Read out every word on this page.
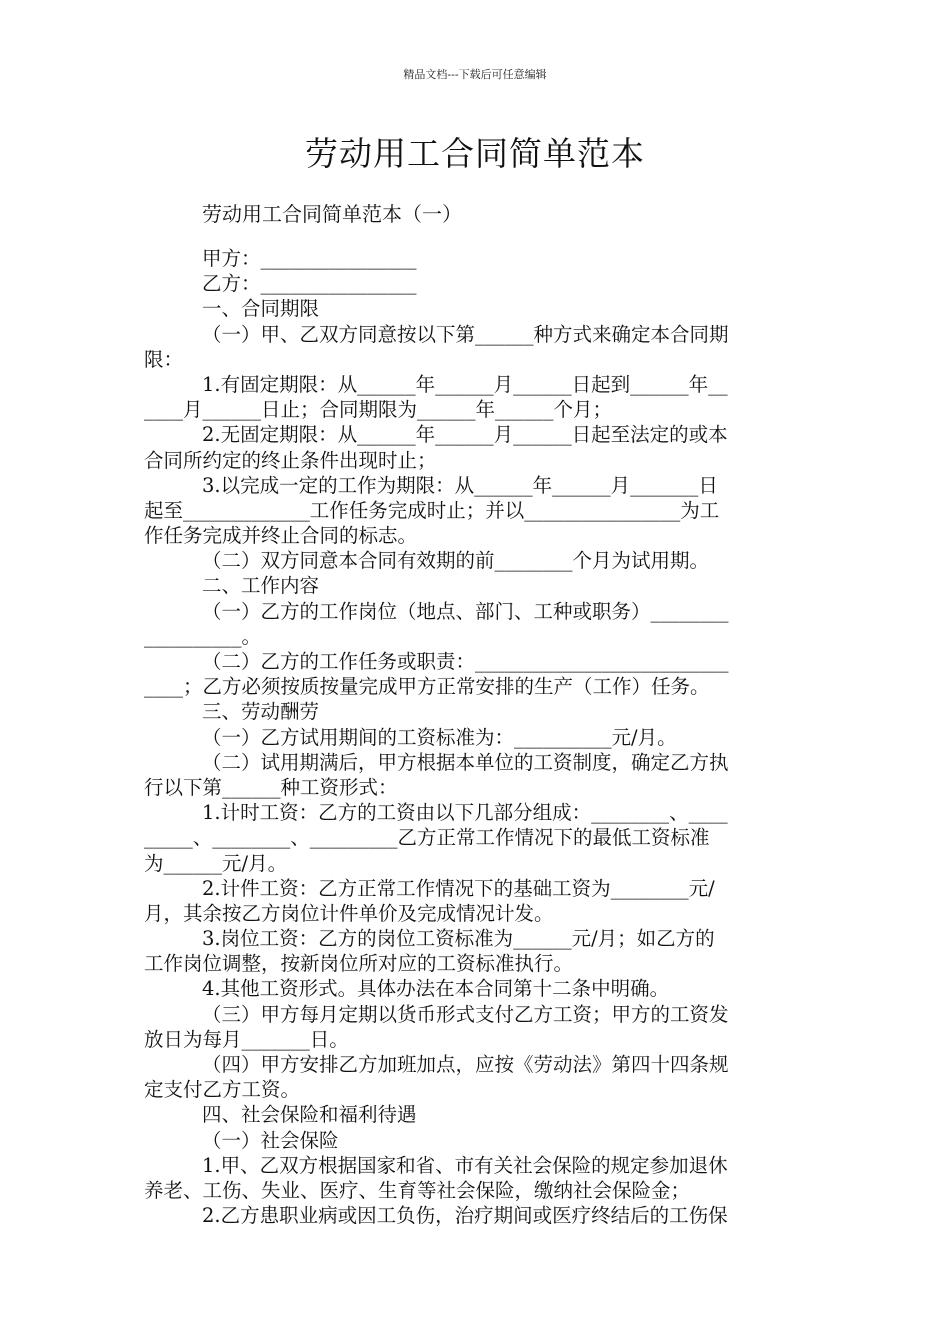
精品文档---下载后可任意编辑
劳动用工合同简单范本
劳动用工合同简单范本（一）
甲方：________________
乙方：________________
一、合同期限
（一）甲、乙双方同意按以下第______种方式来确定本合同期
限：
1.有固定期限：从______年______月______日起到______年__
____月______日止；合同期限为______年______个月；
2.无固定期限：从______年______月______日起至法定的或本
合同所约定的终止条件出现时止；
3.以完成一定的工作为期限：从______年______月_______日
起至_____________工作任务完成时止；并以________________为工
作任务完成并终止合同的标志。
（二）双方同意本合同有效期的前________个月为试用期。
二、工作内容
（一）乙方的工作岗位（地点、部门、工种或职务）________
__________。
（二）乙方的工作任务或职责：__________________________
____；乙方必须按质按量完成甲方正常安排的生产（工作）任务。
三、劳动酬劳
（一）乙方试用期间的工资标准为：__________元/月。
（二）试用期满后，甲方根据本单位的工资制度，确定乙方执
行以下第______种工资形式：
1.计时工资：乙方的工资由以下几部分组成：________、____
_____、________、_________乙方正常工作情况下的最低工资标准
为______元/月。
2.计件工资：乙方正常工作情况下的基础工资为________元/
月，其余按乙方岗位计件单价及完成情况计发。
3.岗位工资：乙方的岗位工资标准为______元/月；如乙方的
工作岗位调整，按新岗位所对应的工资标准执行。
4.其他工资形式。具体办法在本合同第十二条中明确。
（三）甲方每月定期以货币形式支付乙方工资；甲方的工资发
放日为每月_______日。
（四）甲方安排乙方加班加点，应按《劳动法》第四十四条规
定支付乙方工资。
四、社会保险和福利待遇
（一）社会保险
1.甲、乙双方根据国家和省、市有关社会保险的规定参加退休
养老、工伤、失业、医疗、生育等社会保险，缴纳社会保险金；
2.乙方患职业病或因工负伤，治疗期间或医疗终结后的工伤保
